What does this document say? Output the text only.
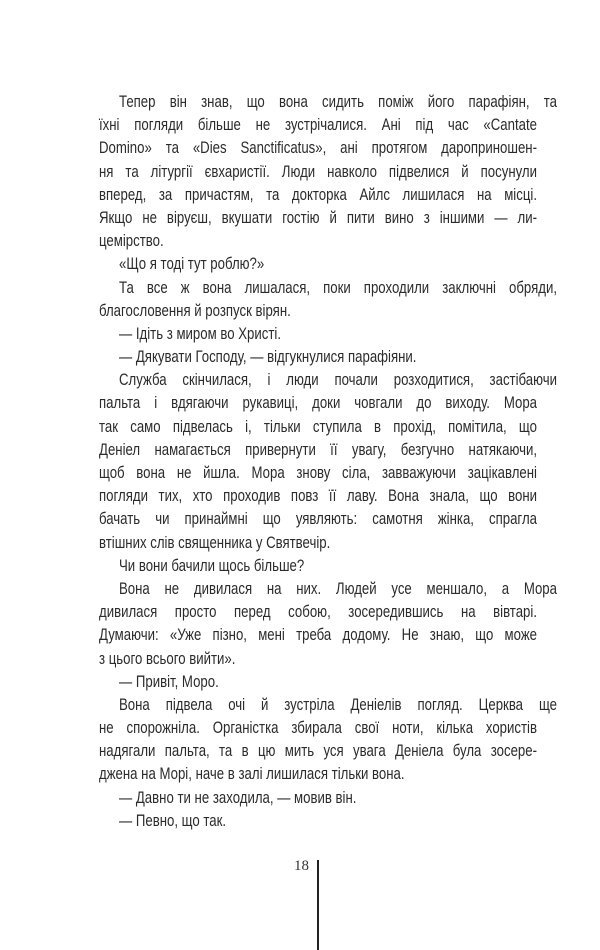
Тепер він знав, що вона сидить поміж його парафіян, та
їхні погляди більше не зустрічалися. Ані під час «Cantate
Domino» та «Dies Sanctificatus», ані протягом дароприношен-
ня та літургії євхаристії. Люди навколо підвелися й посунули
вперед, за причастям, та докторка Айлс лишилася на місці.
Якщо не віруєш, вкушати гостію й пити вино з іншими — ли-
цемірство.
«Що я тоді тут роблю?»
Та все ж вона лишалася, поки проходили заключні обряди,
благословення й розпуск вірян.
— Ідіть з миром во Христі.
— Дякувати Господу, — відгукнулися парафіяни.
Служба скінчилася, і люди почали розходитися, застібаючи
пальта і вдягаючи рукавиці, доки човгали до виходу. Мора
так само підвелась і, тільки ступила в прохід, помітила, що
Деніел намагається привернути її увагу, безгучно натякаючи,
щоб вона не йшла. Мора знову сіла, завважуючи зацікавлені
погляди тих, хто проходив повз її лаву. Вона знала, що вони
бачать чи принаймні що уявляють: самотня жінка, спрагла
втішних слів священника у Святвечір.
Чи вони бачили щось більше?
Вона не дивилася на них. Людей усе меншало, а Мора
дивилася просто перед собою, зосередившись на вівтарі.
Думаючи: «Уже пізно, мені треба додому. Не знаю, що може
з цього всього вийти».
— Привіт, Моро.
Вона підвела очі й зустріла Деніелів погляд. Церква ще
не спорожніла. Органістка збирала свої ноти, кілька хористів
надягали пальта, та в цю мить уся увага Деніела була зосере-
джена на Морі, наче в залі лишилася тільки вона.
— Давно ти не заходила, — мовив він.
— Певно, що так.
18
